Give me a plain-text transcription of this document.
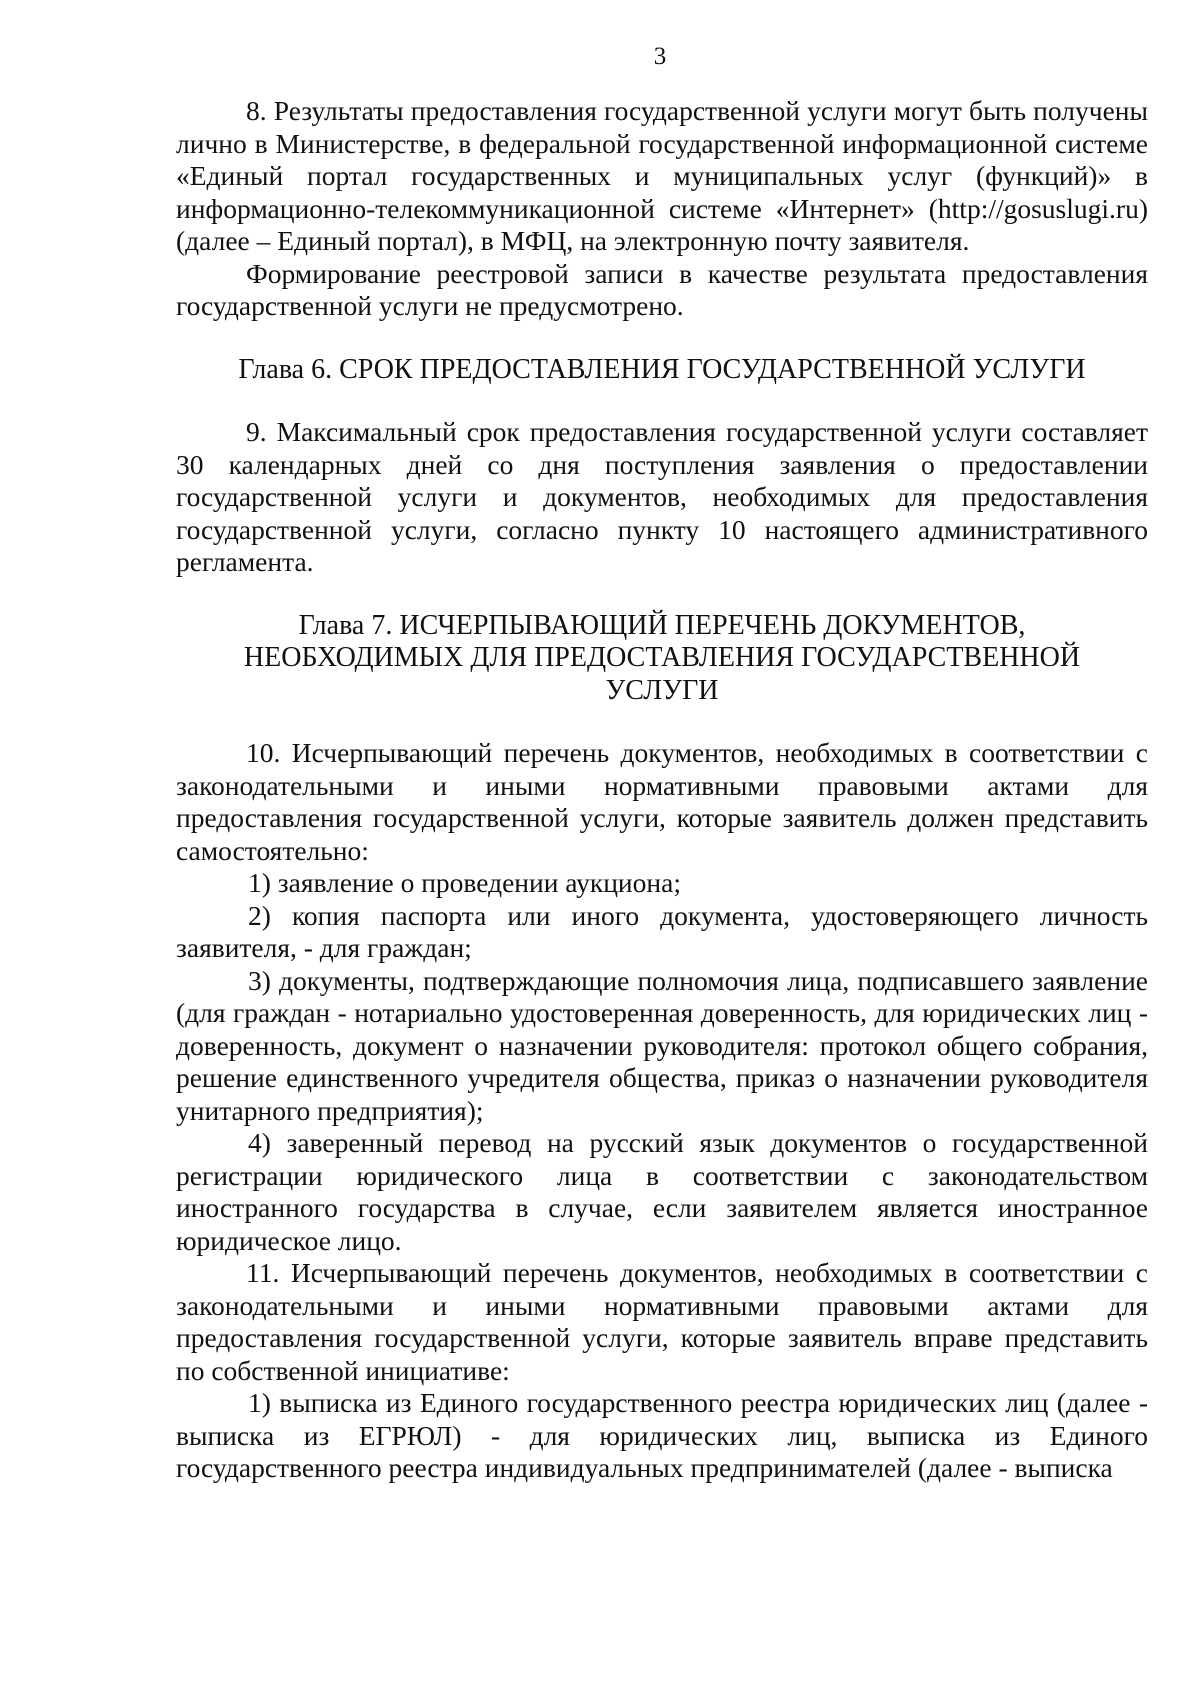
3

8. Результаты предоставления государственной услуги могут быть получены лично в Министерстве, в федеральной государственной информационной системе «Единый портал государственных и муниципальных услуг (функций)» в информационно-телекоммуникационной системе «Интернет» (http://gosuslugi.ru) (далее – Единый портал), в МФЦ, на электронную почту заявителя.

Формирование реестровой записи в качестве результата предоставления государственной услуги не предусмотрено.

Глава 6. СРОК ПРЕДОСТАВЛЕНИЯ ГОСУДАРСТВЕННОЙ УСЛУГИ

9. Максимальный срок предоставления государственной услуги составляет 30 календарных дней со дня поступления заявления о предоставлении государственной услуги и документов, необходимых для предоставления государственной услуги, согласно пункту 10 настоящего административного регламента.

Глава 7. ИСЧЕРПЫВАЮЩИЙ ПЕРЕЧЕНЬ ДОКУМЕНТОВ,
НЕОБХОДИМЫХ ДЛЯ ПРЕДОСТАВЛЕНИЯ ГОСУДАРСТВЕННОЙ
УСЛУГИ

10. Исчерпывающий перечень документов, необходимых в соответствии с законодательными и иными нормативными правовыми актами для предоставления государственной услуги, которые заявитель должен представить самостоятельно:

1) заявление о проведении аукциона;

2) копия паспорта или иного документа, удостоверяющего личность заявителя, - для граждан;

3) документы, подтверждающие полномочия лица, подписавшего заявление (для граждан - нотариально удостоверенная доверенность, для юридических лиц - доверенность, документ о назначении руководителя: протокол общего собрания, решение единственного учредителя общества, приказ о назначении руководителя унитарного предприятия);

4) заверенный перевод на русский язык документов о государственной регистрации юридического лица в соответствии с законодательством иностранного государства в случае, если заявителем является иностранное юридическое лицо.

11. Исчерпывающий перечень документов, необходимых в соответствии с законодательными и иными нормативными правовыми актами для предоставления государственной услуги, которые заявитель вправе представить по собственной инициативе:

1) выписка из Единого государственного реестра юридических лиц (далее - выписка из ЕГРЮЛ) - для юридических лиц, выписка из Единого государственного реестра индивидуальных предпринимателей (далее - выписка
